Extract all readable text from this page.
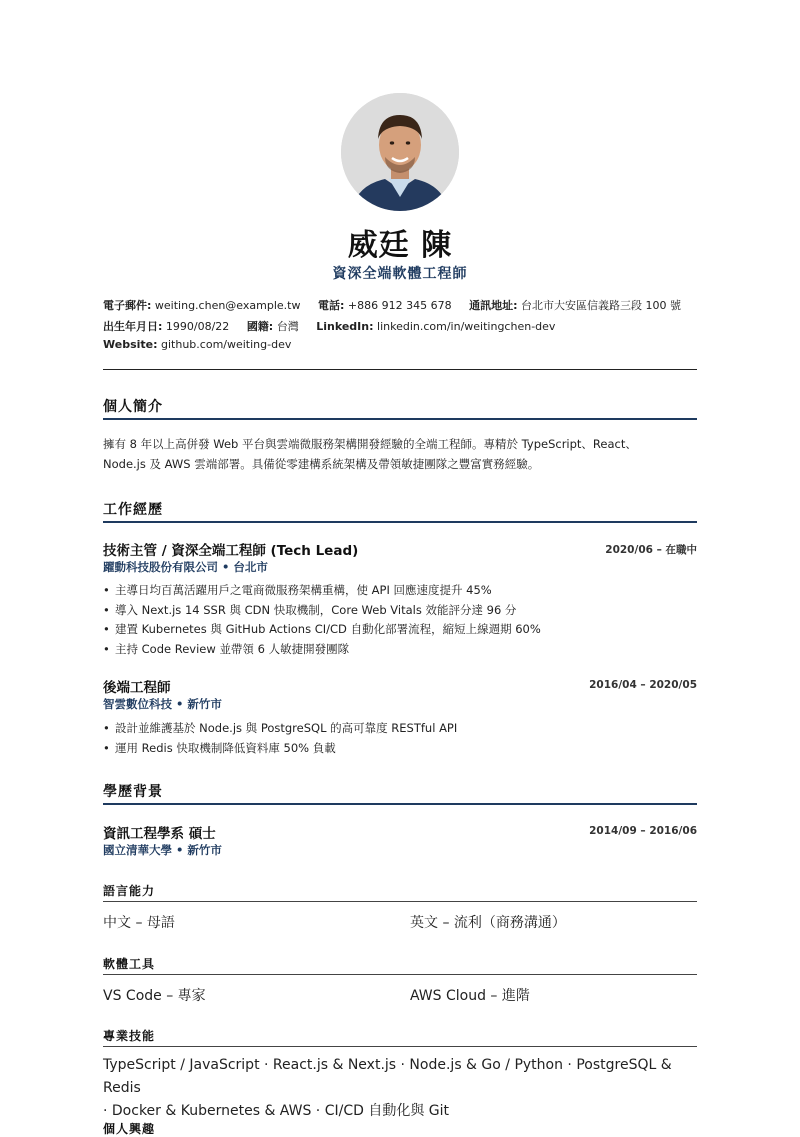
威廷 陳
資深全端軟體工程師
電子郵件: weiting.chen@example.tw 電話: +886 912 345 678 通訊地址: 台北市大安區信義路三段 100 號
出生年月日: 1990/08/22 國籍: 台灣 LinkedIn: linkedin.com/in/weitingchen-dev
Website: github.com/weiting-dev
個人簡介
擁有 8 年以上高併發 Web 平台與雲端微服務架構開發經驗的全端工程師。專精於 TypeScript、React、
Node.js 及 AWS 雲端部署。具備從零建構系統架構及帶領敏捷團隊之豐富實務經驗。
工作經歷
技術主管 / 資深全端工程師 (Tech Lead)	2020/06 – 在職中
躍動科技股份有限公司 • 台北市
• 主導日均百萬活躍用戶之電商微服務架構重構，使 API 回應速度提升 45%
• 導入 Next.js 14 SSR 與 CDN 快取機制，Core Web Vitals 效能評分達 96 分
• 建置 Kubernetes 與 GitHub Actions CI/CD 自動化部署流程，縮短上線週期 60%
• 主持 Code Review 並帶領 6 人敏捷開發團隊
後端工程師	2016/04 – 2020/05
智雲數位科技 • 新竹市
• 設計並維護基於 Node.js 與 PostgreSQL 的高可靠度 RESTful API
• 運用 Redis 快取機制降低資料庫 50% 負載
學歷背景
資訊工程學系 碩士	2014/09 – 2016/06
國立清華大學 • 新竹市
語言能力
中文 – 母語	英文 – 流利（商務溝通）
軟體工具
VS Code – 專家	AWS Cloud – 進階
專業技能
TypeScript / JavaScript · React.js & Next.js · Node.js & Go / Python · PostgreSQL & Redis
· Docker & Kubernetes & AWS · CI/CD 自動化與 Git
個人興趣
